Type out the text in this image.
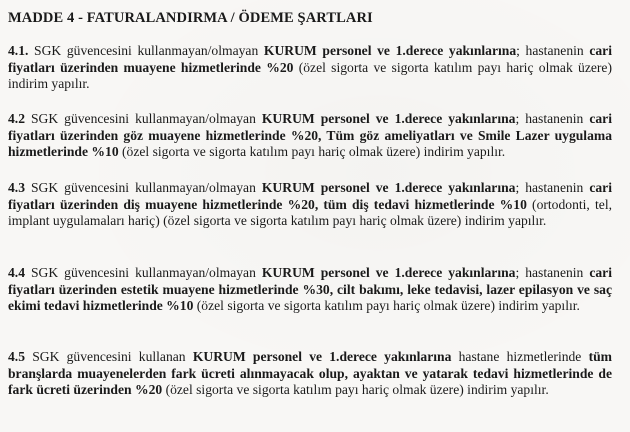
MADDE 4 - FATURALANDIRMA / ÖDEME ŞARTLARI
4.1. SGK güvencesini kullanmayan/olmayan KURUM personel ve 1.derece yakınlarına; hastanenin cari fiyatları üzerinden muayene hizmetlerinde %20 (özel sigorta ve sigorta katılım payı hariç olmak üzere) indirim yapılır.
4.2 SGK güvencesini kullanmayan/olmayan KURUM personel ve 1.derece yakınlarına; hastanenin cari fiyatları üzerinden göz muayene hizmetlerinde %20, Tüm göz ameliyatları ve Smile Lazer uygulama hizmetlerinde %10 (özel sigorta ve sigorta katılım payı hariç olmak üzere) indirim yapılır.
4.3 SGK güvencesini kullanmayan/olmayan KURUM personel ve 1.derece yakınlarına; hastanenin cari fiyatları üzerinden diş muayene hizmetlerinde %20, tüm diş tedavi hizmetlerinde %10 (ortodonti, tel, implant uygulamaları hariç) (özel sigorta ve sigorta katılım payı hariç olmak üzere) indirim yapılır.
4.4 SGK güvencesini kullanmayan/olmayan KURUM personel ve 1.derece yakınlarına; hastanenin cari fiyatları üzerinden estetik muayene hizmetlerinde %30, cilt bakımı, leke tedavisi, lazer epilasyon ve saç ekimi tedavi hizmetlerinde %10 (özel sigorta ve sigorta katılım payı hariç olmak üzere) indirim yapılır.
4.5 SGK güvencesini kullanan KURUM personel ve 1.derece yakınlarına hastane hizmetlerinde tüm branşlarda muayenelerden fark ücreti alınmayacak olup, ayaktan ve yatarak tedavi hizmetlerinde de fark ücreti üzerinden %20 (özel sigorta ve sigorta katılım payı hariç olmak üzere) indirim yapılır.
